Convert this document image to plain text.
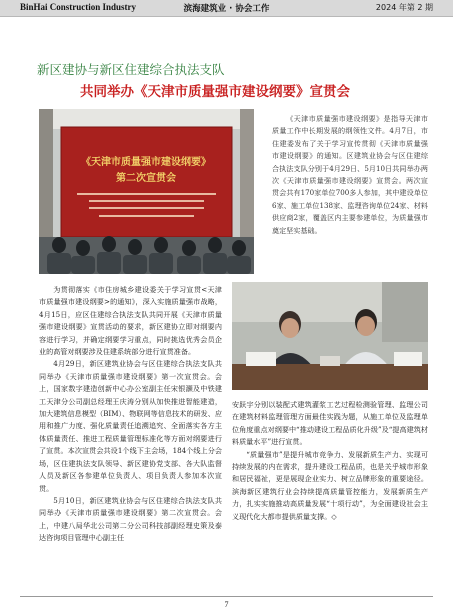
BinHai Construction Industry	滨海建筑业 · 协会工作	2024 年第 2 期
新区建协与新区住建综合执法支队
共同举办《天津市质量强市建设纲要》宣贯会
《天津市质量强市建设纲要》
第二次宣贯会

《天津市质量强市建设纲要》是指导天津市质量工作中长期发展的纲领性文件。4月7日，市住建委发布了关于学习宣传贯彻《天津市质量强市建设纲要》的通知。区建筑业协会与区住建综合执法支队分别于4月29日、5月10日共同举办两次《天津市质量强市建设纲要》宣贯会。两次宣贯会共有170家单位700多人参加，其中建设单位6家、施工单位138家、监理咨询单位24家、材料供应商2家，覆盖区内主要参建单位，为质量强市奠定坚实基础。

为贯彻落实《市住房城乡建设委关于学习宣贯<天津市质量强市建设纲要>的通知》，深入实施质量强市战略，4月15日，应区住建综合执法支队共同开展《天津市质量强市建设纲要》宣贯活动的要求，新区建协立即对纲要内容进行学习，并确定纲要学习重点，同时挑选优秀会员企业的高管对纲要涉及住建系统部分进行宣贯准备。

4月29日，新区建筑业协会与区住建综合执法支队共同举办《天津市质量强市建设纲要》第一次宣贯会。会上，国家数字建造创新中心办公室副主任宋银灏及中铁建工天津分公司副总经理王庆涛分别从加快推进智能建造，加大建筑信息模型（BIM）、物联网等信息技术的研发、应用和推广力度、强化质量责任追溯追究、全面落实各方主体质量责任、推进工程质量管理标准化等方面对纲要进行了宣贯。本次宣贯会共设1个线下主会场，184个线上分会场，区住建执法支队领导、新区建协党支部、各大队监督人员及新区各参建单位负责人、项目负责人参加本次宣贯。

5月10日，新区建筑业协会与区住建综合执法支队共同举办《天津市质量强市建设纲要》第二次宣贯会。会上，中建八局华北公司第二分公司科技部副经理史策及泰达咨询项目管理中心副主任

安跃宇分别以装配式建筑灌浆工艺过程检测验管理、监理公司在建筑材料监理管理方面最佳实践为题，从施工单位及监理单位角度重点对纲要中“推动建设工程品质化升级”及“提高建筑材料质量水平”进行宣贯。

“质量强市”是提升城市竞争力、发展新质生产力、实现可持续发展的内在需求，提升建设工程品质，也是关乎城市形象和居民福祉，更是展现企业实力、树立品牌形象的重要途径。滨海新区建筑行业会持续提高质量管控能力，发展新质生产力，扎实实施推动高质量发展“十项行动”，为全面建设社会主义现代化大都市提供质量支撑。◇

7
